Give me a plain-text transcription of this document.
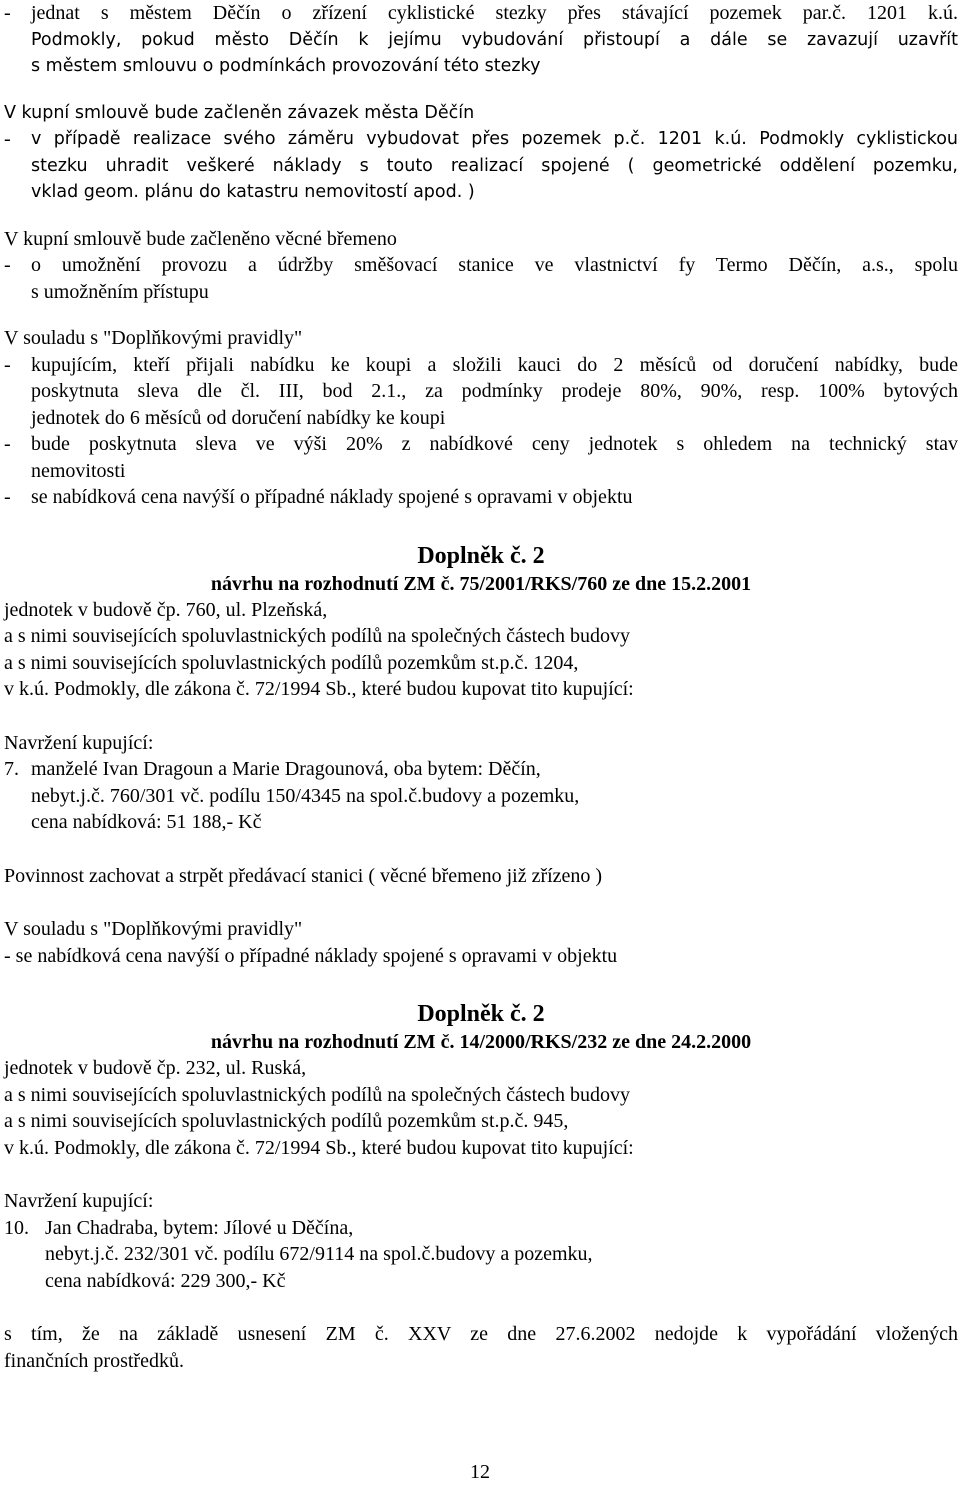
- jednat s městem Děčín o zřízení cyklistické stezky přes stávající pozemek par.č. 1201 k.ú.
Podmokly, pokud město Děčín k jejímu vybudování přistoupí a dále se zavazují uzavřít
s městem smlouvu o podmínkách provozování této stezky
V kupní smlouvě bude začleněn závazek města Děčín
- v případě realizace svého záměru vybudovat přes pozemek p.č. 1201 k.ú. Podmokly cyklistickou
stezku uhradit veškeré náklady s touto realizací spojené ( geometrické oddělení pozemku,
vklad geom. plánu do katastru nemovitostí apod. )
V kupní smlouvě bude začleněno věcné břemeno
- o umožnění provozu a údržby směšovací stanice ve vlastnictví fy Termo Děčín, a.s., spolu
s umožněním přístupu
V souladu s "Doplňkovými pravidly"
- kupujícím, kteří přijali nabídku ke koupi a složili kauci do 2 měsíců od doručení nabídky, bude
poskytnuta sleva dle čl. III, bod 2.1., za podmínky prodeje 80%, 90%, resp. 100% bytových
jednotek do 6 měsíců od doručení nabídky ke koupi
- bude poskytnuta sleva ve výši 20% z nabídkové ceny jednotek s ohledem na technický stav
nemovitosti
- se nabídková cena navýší o případné náklady spojené s opravami v objektu
Doplněk č. 2
návrhu na rozhodnutí ZM č. 75/2001/RKS/760 ze dne 15.2.2001
jednotek v budově čp. 760, ul. Plzeňská,
a s nimi souvisejících spoluvlastnických podílů na společných částech budovy
a s nimi souvisejících spoluvlastnických podílů pozemkům st.p.č. 1204,
v k.ú. Podmokly, dle zákona č. 72/1994 Sb., které budou kupovat tito kupující:
Navržení kupující:
7. manželé Ivan Dragoun a Marie Dragounová, oba bytem: Děčín,
nebyt.j.č. 760/301 vč. podílu 150/4345 na spol.č.budovy a pozemku,
cena nabídková: 51 188,- Kč
Povinnost zachovat a strpět předávací stanici ( věcné břemeno již zřízeno )
V souladu s "Doplňkovými pravidly"
- se nabídková cena navýší o případné náklady spojené s opravami v objektu
Doplněk č. 2
návrhu na rozhodnutí ZM č. 14/2000/RKS/232 ze dne 24.2.2000
jednotek v budově čp. 232, ul. Ruská,
a s nimi souvisejících spoluvlastnických podílů na společných částech budovy
a s nimi souvisejících spoluvlastnických podílů pozemkům st.p.č. 945,
v k.ú. Podmokly, dle zákona č. 72/1994 Sb., které budou kupovat tito kupující:
Navržení kupující:
10. Jan Chadraba, bytem: Jílové u Děčína,
nebyt.j.č. 232/301 vč. podílu 672/9114 na spol.č.budovy a pozemku,
cena nabídková: 229 300,- Kč
s tím, že na základě usnesení ZM č. XXV ze dne 27.6.2002 nedojde k vypořádání vložených
finančních prostředků.
12
